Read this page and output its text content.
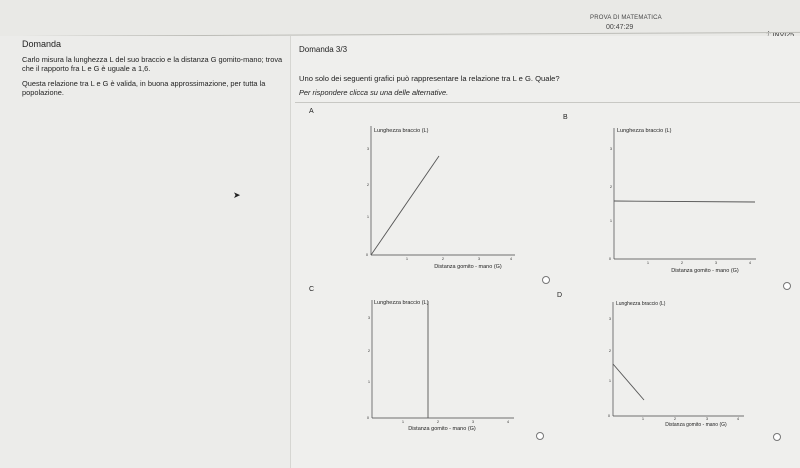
PROVA DI MATEMATICA
00:47:29
Domanda
Carlo misura la lunghezza L del suo braccio e la distanza G gomito-mano; trova che il rapporto fra L e G è uguale a 1,6.
Questa relazione tra L e G è valida, in buona approssimazione, per tutta la popolazione.
➤
Domanda 3/3
Uno solo dei seguenti grafici può rappresentare la relazione tra L e G. Quale?
Per rispondere clicca su una delle alternative.
A
Lunghezza braccio (L)
3
2
1
0
1	2	3	4
Distanza gomito - mano (G)
B
Lunghezza braccio (L)
3
2
1
0
1	2	3	4
Distanza gomito - mano (G)
C
Lunghezza braccio (L)
3
2
1
0
1	2	3	4
Distanza gomito - mano (G)
D
Lunghezza braccio (L)
3
2
1
0
1	2	3	4
Distanza gomito - mano (G)
